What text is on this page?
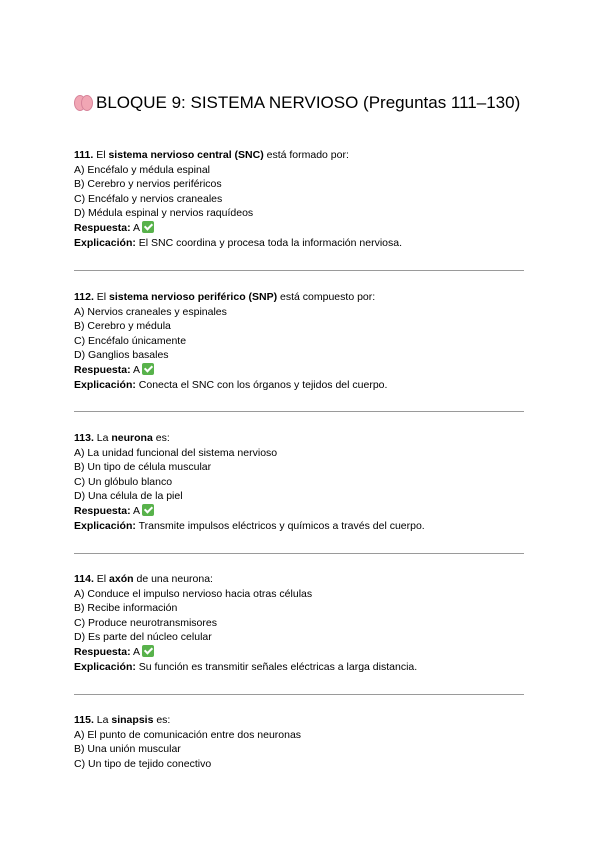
BLOQUE 9: SISTEMA NERVIOSO (Preguntas 111–130)

111. El sistema nervioso central (SNC) está formado por:

A) Encéfalo y médula espinal

B) Cerebro y nervios periféricos

C) Encéfalo y nervios craneales

D) Médula espinal y nervios raquídeos

Respuesta: A

Explicación: El SNC coordina y procesa toda la información nerviosa.

112. El sistema nervioso periférico (SNP) está compuesto por:

A) Nervios craneales y espinales

B) Cerebro y médula

C) Encéfalo únicamente

D) Ganglios basales

Respuesta: A

Explicación: Conecta el SNC con los órganos y tejidos del cuerpo.

113. La neurona es:

A) La unidad funcional del sistema nervioso

B) Un tipo de célula muscular

C) Un glóbulo blanco

D) Una célula de la piel

Respuesta: A

Explicación: Transmite impulsos eléctricos y químicos a través del cuerpo.

114. El axón de una neurona:

A) Conduce el impulso nervioso hacia otras células

B) Recibe información

C) Produce neurotransmisores

D) Es parte del núcleo celular

Respuesta: A

Explicación: Su función es transmitir señales eléctricas a larga distancia.

115. La sinapsis es:

A) El punto de comunicación entre dos neuronas

B) Una unión muscular

C) Un tipo de tejido conectivo
